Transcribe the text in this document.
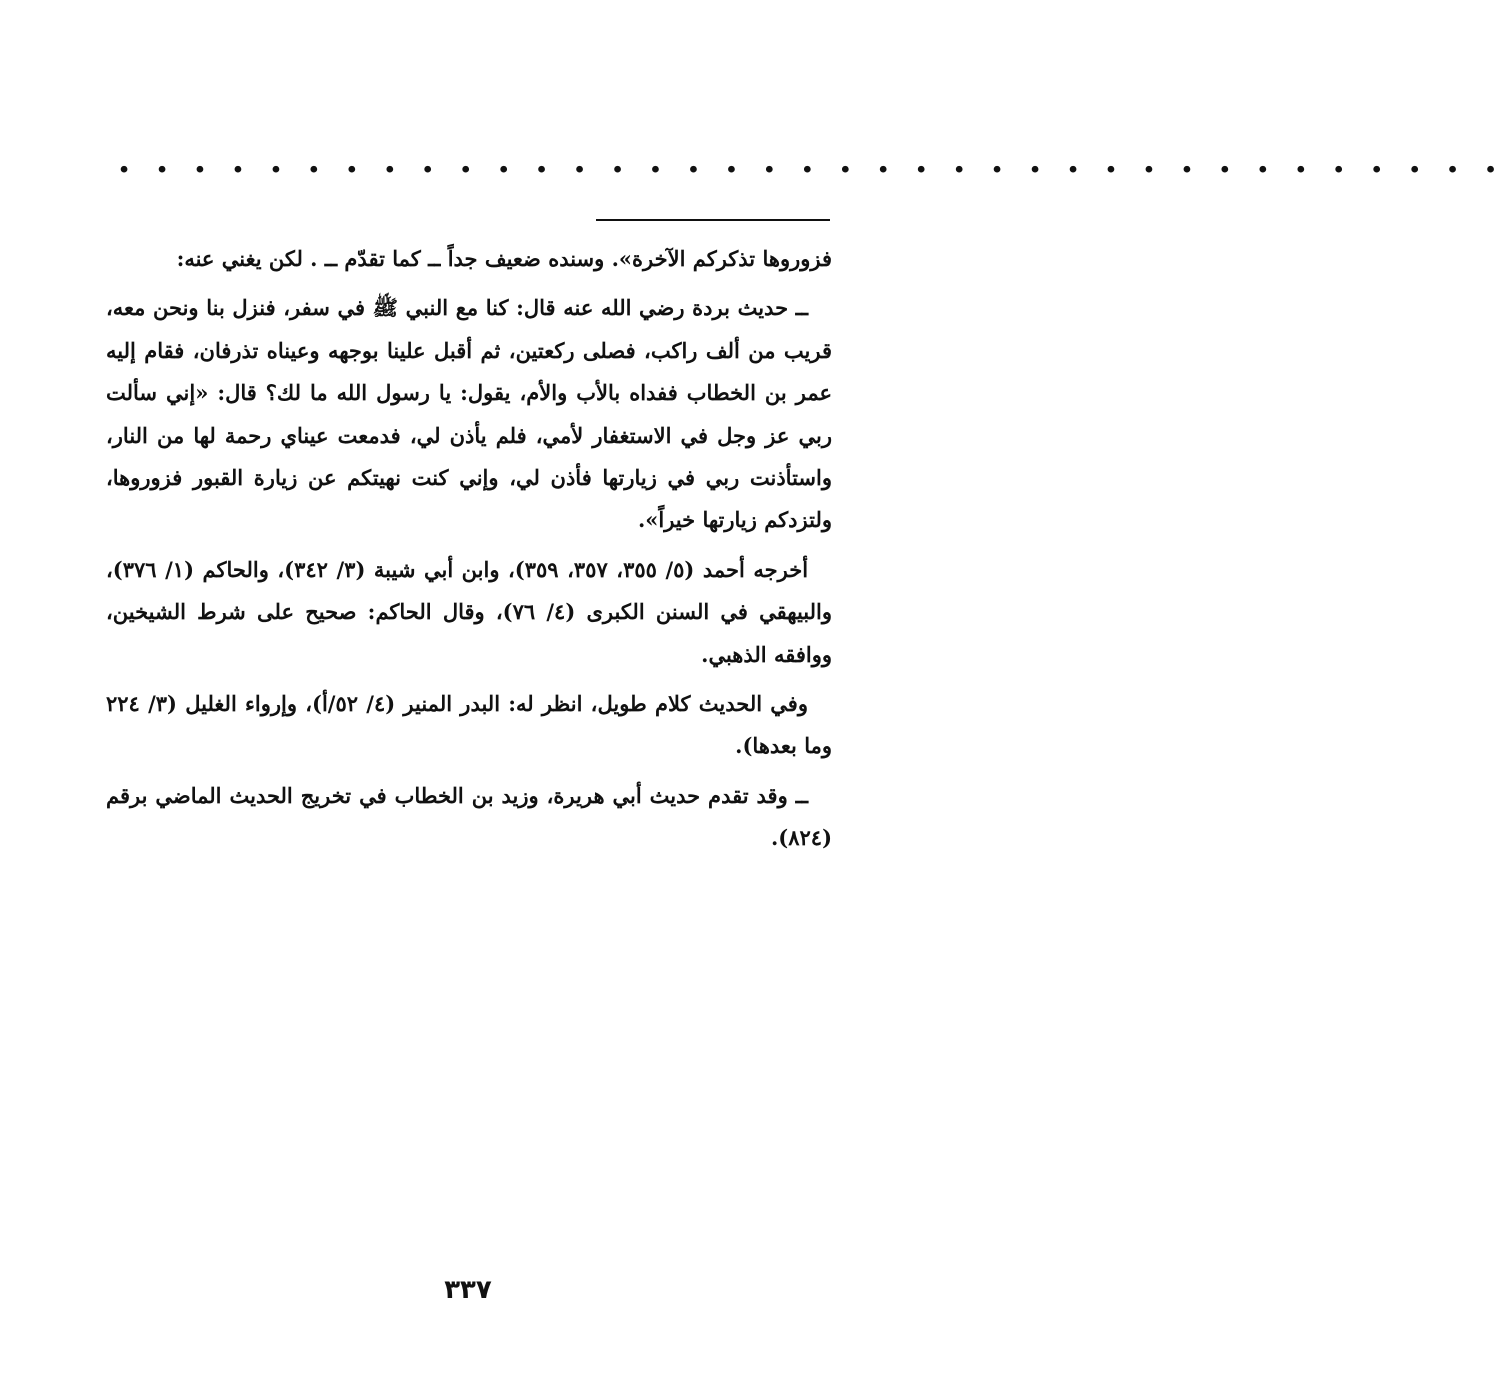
• • • • • • • • • • • • • • • • • • • • • • • • • • • • • • • • • • • • •

فزوروها تذكركم الآخرة». وسنده ضعيف جداً ــ كما تقدّم ــ . لكن يغني عنه:

ــ حديث بردة رضي الله عنه قال: كنا مع النبي ﷺ في سفر، فنزل بنا ونحن معه، قريب من ألف راكب، فصلى ركعتين، ثم أقبل علينا بوجهه وعيناه تذرفان، فقام إليه عمر بن الخطاب ففداه بالأب والأم، يقول: يا رسول الله ما لك؟ قال: «إني سألت ربي عز وجل في الاستغفار لأمي، فلم يأذن لي، فدمعت عيناي رحمة لها من النار، واستأذنت ربي في زيارتها فأذن لي، وإني كنت نهيتكم عن زيارة القبور فزوروها، ولتزدكم زيارتها خيراً».

أخرجه أحمد (٥/ ٣٥٥، ٣٥٧، ٣٥٩)، وابن أبي شيبة (٣/ ٣٤٢)، والحاكم (١/ ٣٧٦)، والبيهقي في السنن الكبرى (٤/ ٧٦)، وقال الحاكم: صحيح على شرط الشيخين، ووافقه الذهبي.

وفي الحديث كلام طويل، انظر له: البدر المنير (٤/ ٥٢/أ)، وإرواء الغليل (٣/ ٢٢٤ وما بعدها).

ــ وقد تقدم حديث أبي هريرة، وزيد بن الخطاب في تخريج الحديث الماضي برقم (٨٢٤).

٣٣٧
